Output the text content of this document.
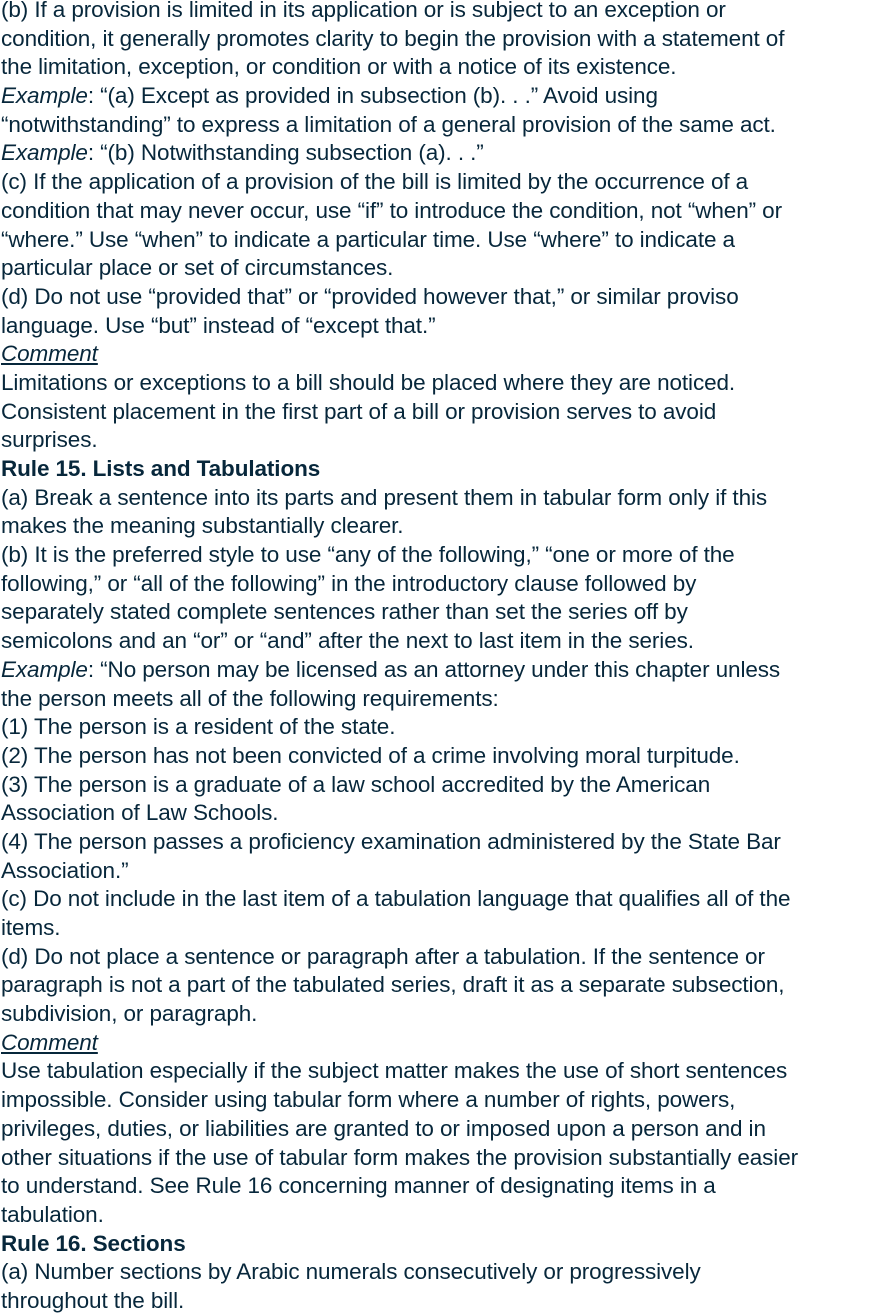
(b) If a provision is limited in its application or is subject to an exception or
condition, it generally promotes clarity to begin the provision with a statement of
the limitation, exception, or condition or with a notice of its existence.
Example: “(a) Except as provided in subsection (b). . .” Avoid using
“notwithstanding” to express a limitation of a general provision of the same act.
Example: “(b) Notwithstanding subsection (a). . .”
(c) If the application of a provision of the bill is limited by the occurrence of a
condition that may never occur, use “if” to introduce the condition, not “when” or
“where.” Use “when” to indicate a particular time. Use “where” to indicate a
particular place or set of circumstances.
(d) Do not use “provided that” or “provided however that,” or similar proviso
language. Use “but” instead of “except that.”
Comment
Limitations or exceptions to a bill should be placed where they are noticed.
Consistent placement in the first part of a bill or provision serves to avoid
surprises.
Rule 15. Lists and Tabulations
(a) Break a sentence into its parts and present them in tabular form only if this
makes the meaning substantially clearer.
(b) It is the preferred style to use “any of the following,” “one or more of the
following,” or “all of the following” in the introductory clause followed by
separately stated complete sentences rather than set the series off by
semicolons and an “or” or “and” after the next to last item in the series.
Example: “No person may be licensed as an attorney under this chapter unless
the person meets all of the following requirements:
(1) The person is a resident of the state.
(2) The person has not been convicted of a crime involving moral turpitude.
(3) The person is a graduate of a law school accredited by the American
Association of Law Schools.
(4) The person passes a proficiency examination administered by the State Bar
Association.”
(c) Do not include in the last item of a tabulation language that qualifies all of the
items.
(d) Do not place a sentence or paragraph after a tabulation. If the sentence or
paragraph is not a part of the tabulated series, draft it as a separate subsection,
subdivision, or paragraph.
Comment
Use tabulation especially if the subject matter makes the use of short sentences
impossible. Consider using tabular form where a number of rights, powers,
privileges, duties, or liabilities are granted to or imposed upon a person and in
other situations if the use of tabular form makes the provision substantially easier
to understand. See Rule 16 concerning manner of designating items in a
tabulation.
Rule 16. Sections
(a) Number sections by Arabic numerals consecutively or progressively
throughout the bill.
